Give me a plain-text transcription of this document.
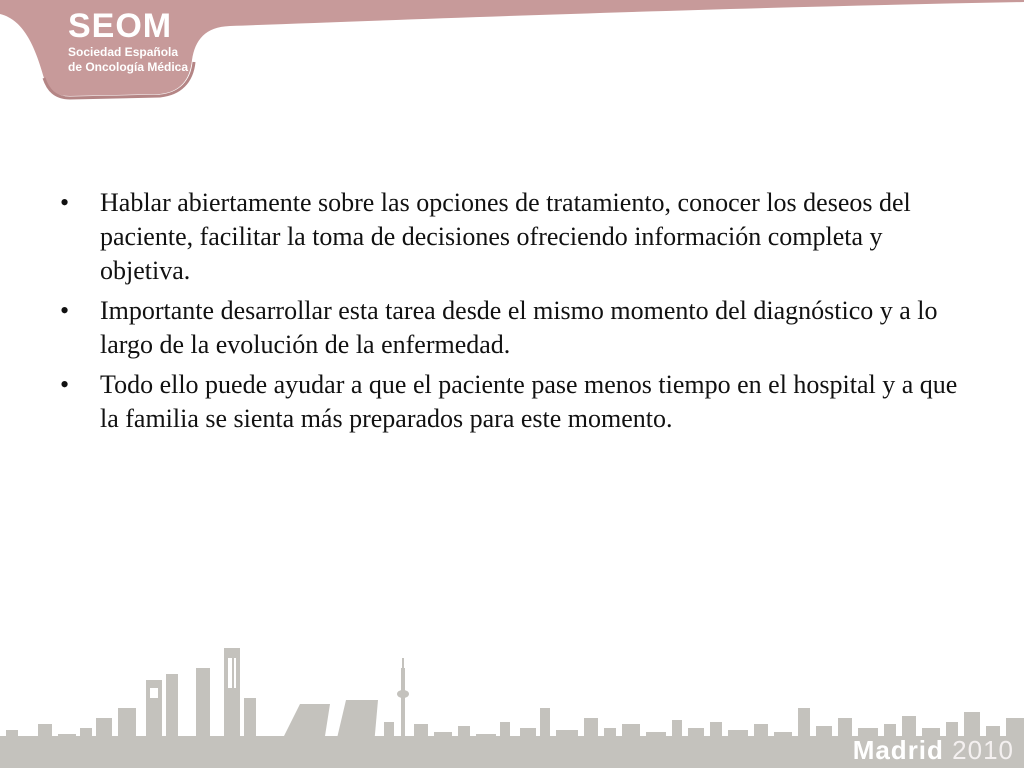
SEOM
Sociedad Española
de Oncología Médica
• Hablar abiertamente sobre las opciones de tratamiento, conocer los deseos del paciente, facilitar la toma de decisiones ofreciendo información completa y objetiva.
• Importante desarrollar esta tarea desde el mismo momento del diagnóstico y a lo largo de la evolución de la enfermedad.
• Todo ello puede ayudar a que el paciente pase menos tiempo en el hospital y a que la familia se sienta más preparados para este momento.
Madrid 2010
